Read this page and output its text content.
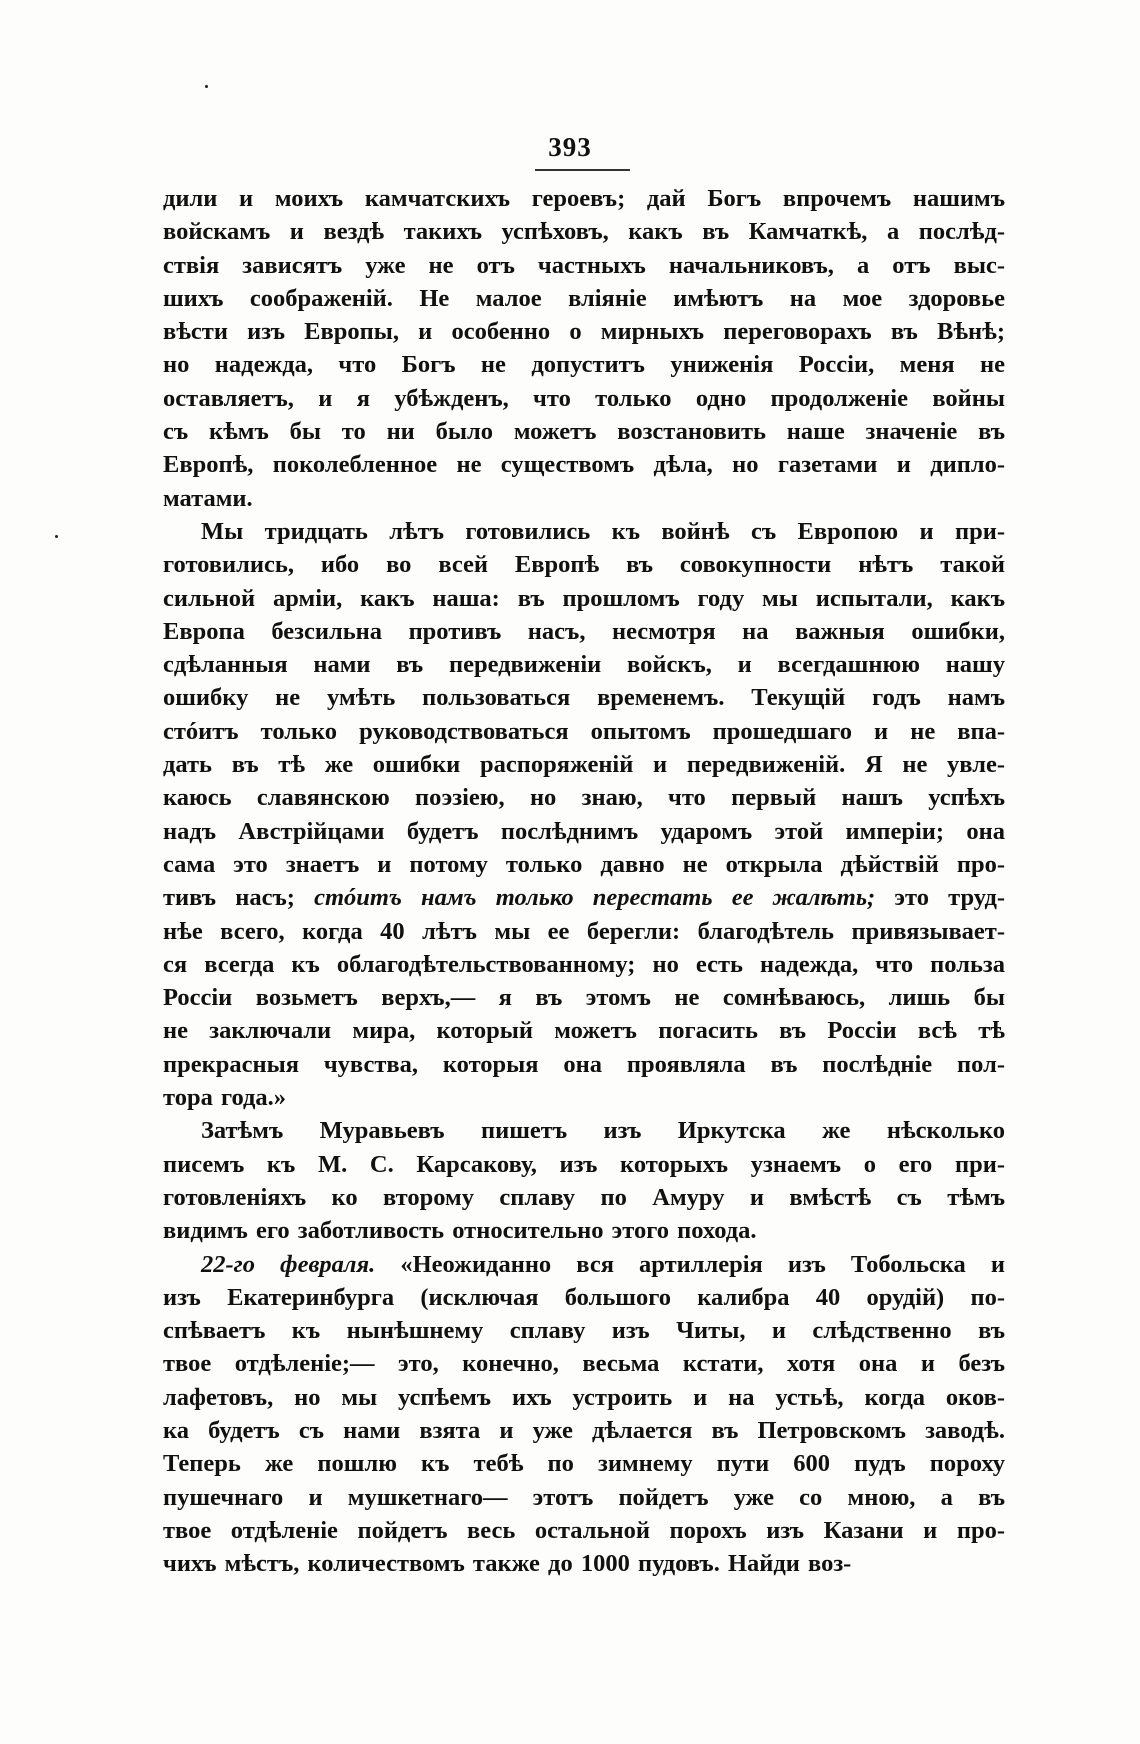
393
дили и моихъ камчатскихъ героевъ; дай Богъ впрочемъ нашимъ
войскамъ и вездѣ такихъ успѣховъ, какъ въ Камчаткѣ, а послѣд-
ствія зависятъ уже не отъ частныхъ начальниковъ, а отъ выс-
шихъ соображеній. Не малое вліяніе имѣютъ на мое здоровье
вѣсти изъ Европы, и особенно о мирныхъ переговорахъ въ Вѣнѣ;
но надежда, что Богъ не допуститъ униженія Россіи, меня не
оставляетъ, и я убѣжденъ, что только одно продолженіе войны
съ кѣмъ бы то ни было можетъ возстановить наше значеніе въ
Европѣ, поколебленное не существомъ дѣла, но газетами и дипло-
матами.
Мы тридцать лѣтъ готовились къ войнѣ съ Европою и при-
готовились, ибо во всей Европѣ въ совокупности нѣтъ такой
сильной арміи, какъ наша: въ прошломъ году мы испытали, какъ
Европа безсильна противъ насъ, несмотря на важныя ошибки,
сдѣланныя нами въ передвиженіи войскъ, и всегдашнюю нашу
ошибку не умѣть пользоваться временемъ. Текущій годъ намъ
стóитъ только руководствоваться опытомъ прошедшаго и не впа-
дать въ тѣ же ошибки распоряженій и передвиженій. Я не увле-
каюсь славянскою поэзіею, но знаю, что первый нашъ успѣхъ
надъ Австрійцами будетъ послѣднимъ ударомъ этой имперіи; она
сама это знаетъ и потому только давно не открыла дѣйствій про-
тивъ насъ; стóитъ намъ только перестать ее жалѣть; это труд-
нѣе всего, когда 40 лѣтъ мы ее берегли: благодѣтель привязывает-
ся всегда къ облагодѣтельствованному; но есть надежда, что польза
Россіи возьметъ верхъ,— я въ этомъ не сомнѣваюсь, лишь бы
не заключали мира, который можетъ погасить въ Россіи всѣ тѣ
прекрасныя чувства, которыя она проявляла въ послѣдніе пол-
тора года.»
Затѣмъ Муравьевъ пишетъ изъ Иркутска же нѣсколько
писемъ къ М. С. Карсакову, изъ которыхъ узнаемъ о его при-
готовленіяхъ ко второму сплаву по Амуру и вмѣстѣ съ тѣмъ
видимъ его заботливость относительно этого похода.
22-го февраля. «Неожиданно вся артиллерія изъ Тобольска и
изъ Екатеринбурга (исключая большого калибра 40 орудій) по-
спѣваетъ къ нынѣшнему сплаву изъ Читы, и слѣдственно въ
твое отдѣленіе;— это, конечно, весьма кстати, хотя она и безъ
лафетовъ, но мы успѣемъ ихъ устроить и на устьѣ, когда оков-
ка будетъ съ нами взята и уже дѣлается въ Петровскомъ заводѣ.
Теперь же пошлю къ тебѣ по зимнему пути 600 пудъ пороху
пушечнаго и мушкетнаго— этотъ пойдетъ уже со мною, а въ
твое отдѣленіе пойдетъ весь остальной порохъ изъ Казани и про-
чихъ мѣстъ, количествомъ также до 1000 пудовъ. Найди воз-
